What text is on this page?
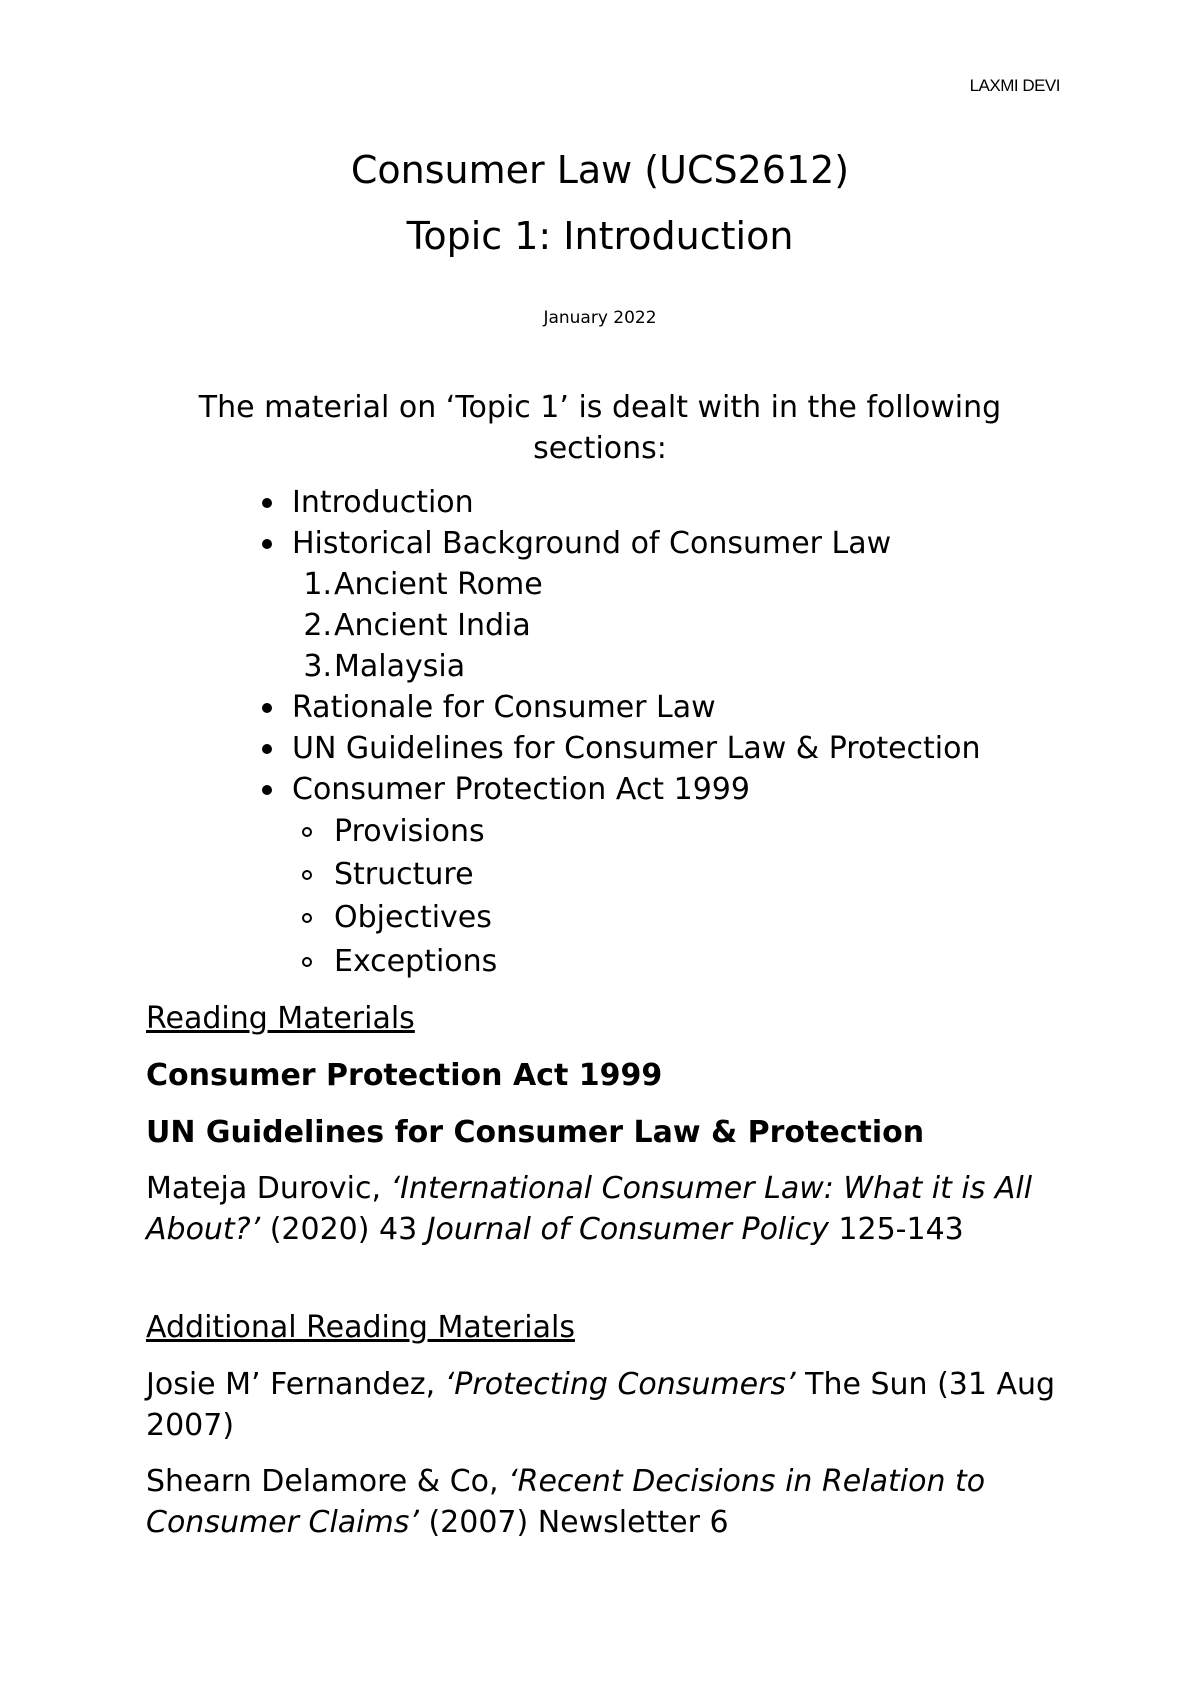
LAXMI DEVI
Consumer Law (UCS2612)
Topic 1: Introduction
January 2022
The material on ‘Topic 1’ is dealt with in the following sections:
Introduction
Historical Background of Consumer Law
1. Ancient Rome
2. Ancient India
3. Malaysia
Rationale for Consumer Law
UN Guidelines for Consumer Law & Protection
Consumer Protection Act 1999
Provisions
Structure
Objectives
Exceptions
Reading Materials
Consumer Protection Act 1999
UN Guidelines for Consumer Law & Protection
Mateja Durovic, ‘International Consumer Law: What it is All About?’ (2020) 43 Journal of Consumer Policy 125-143
Additional Reading Materials
Josie M’ Fernandez, ‘Protecting Consumers’ The Sun (31 Aug 2007)
Shearn Delamore & Co, ‘Recent Decisions in Relation to Consumer Claims’ (2007) Newsletter 6
